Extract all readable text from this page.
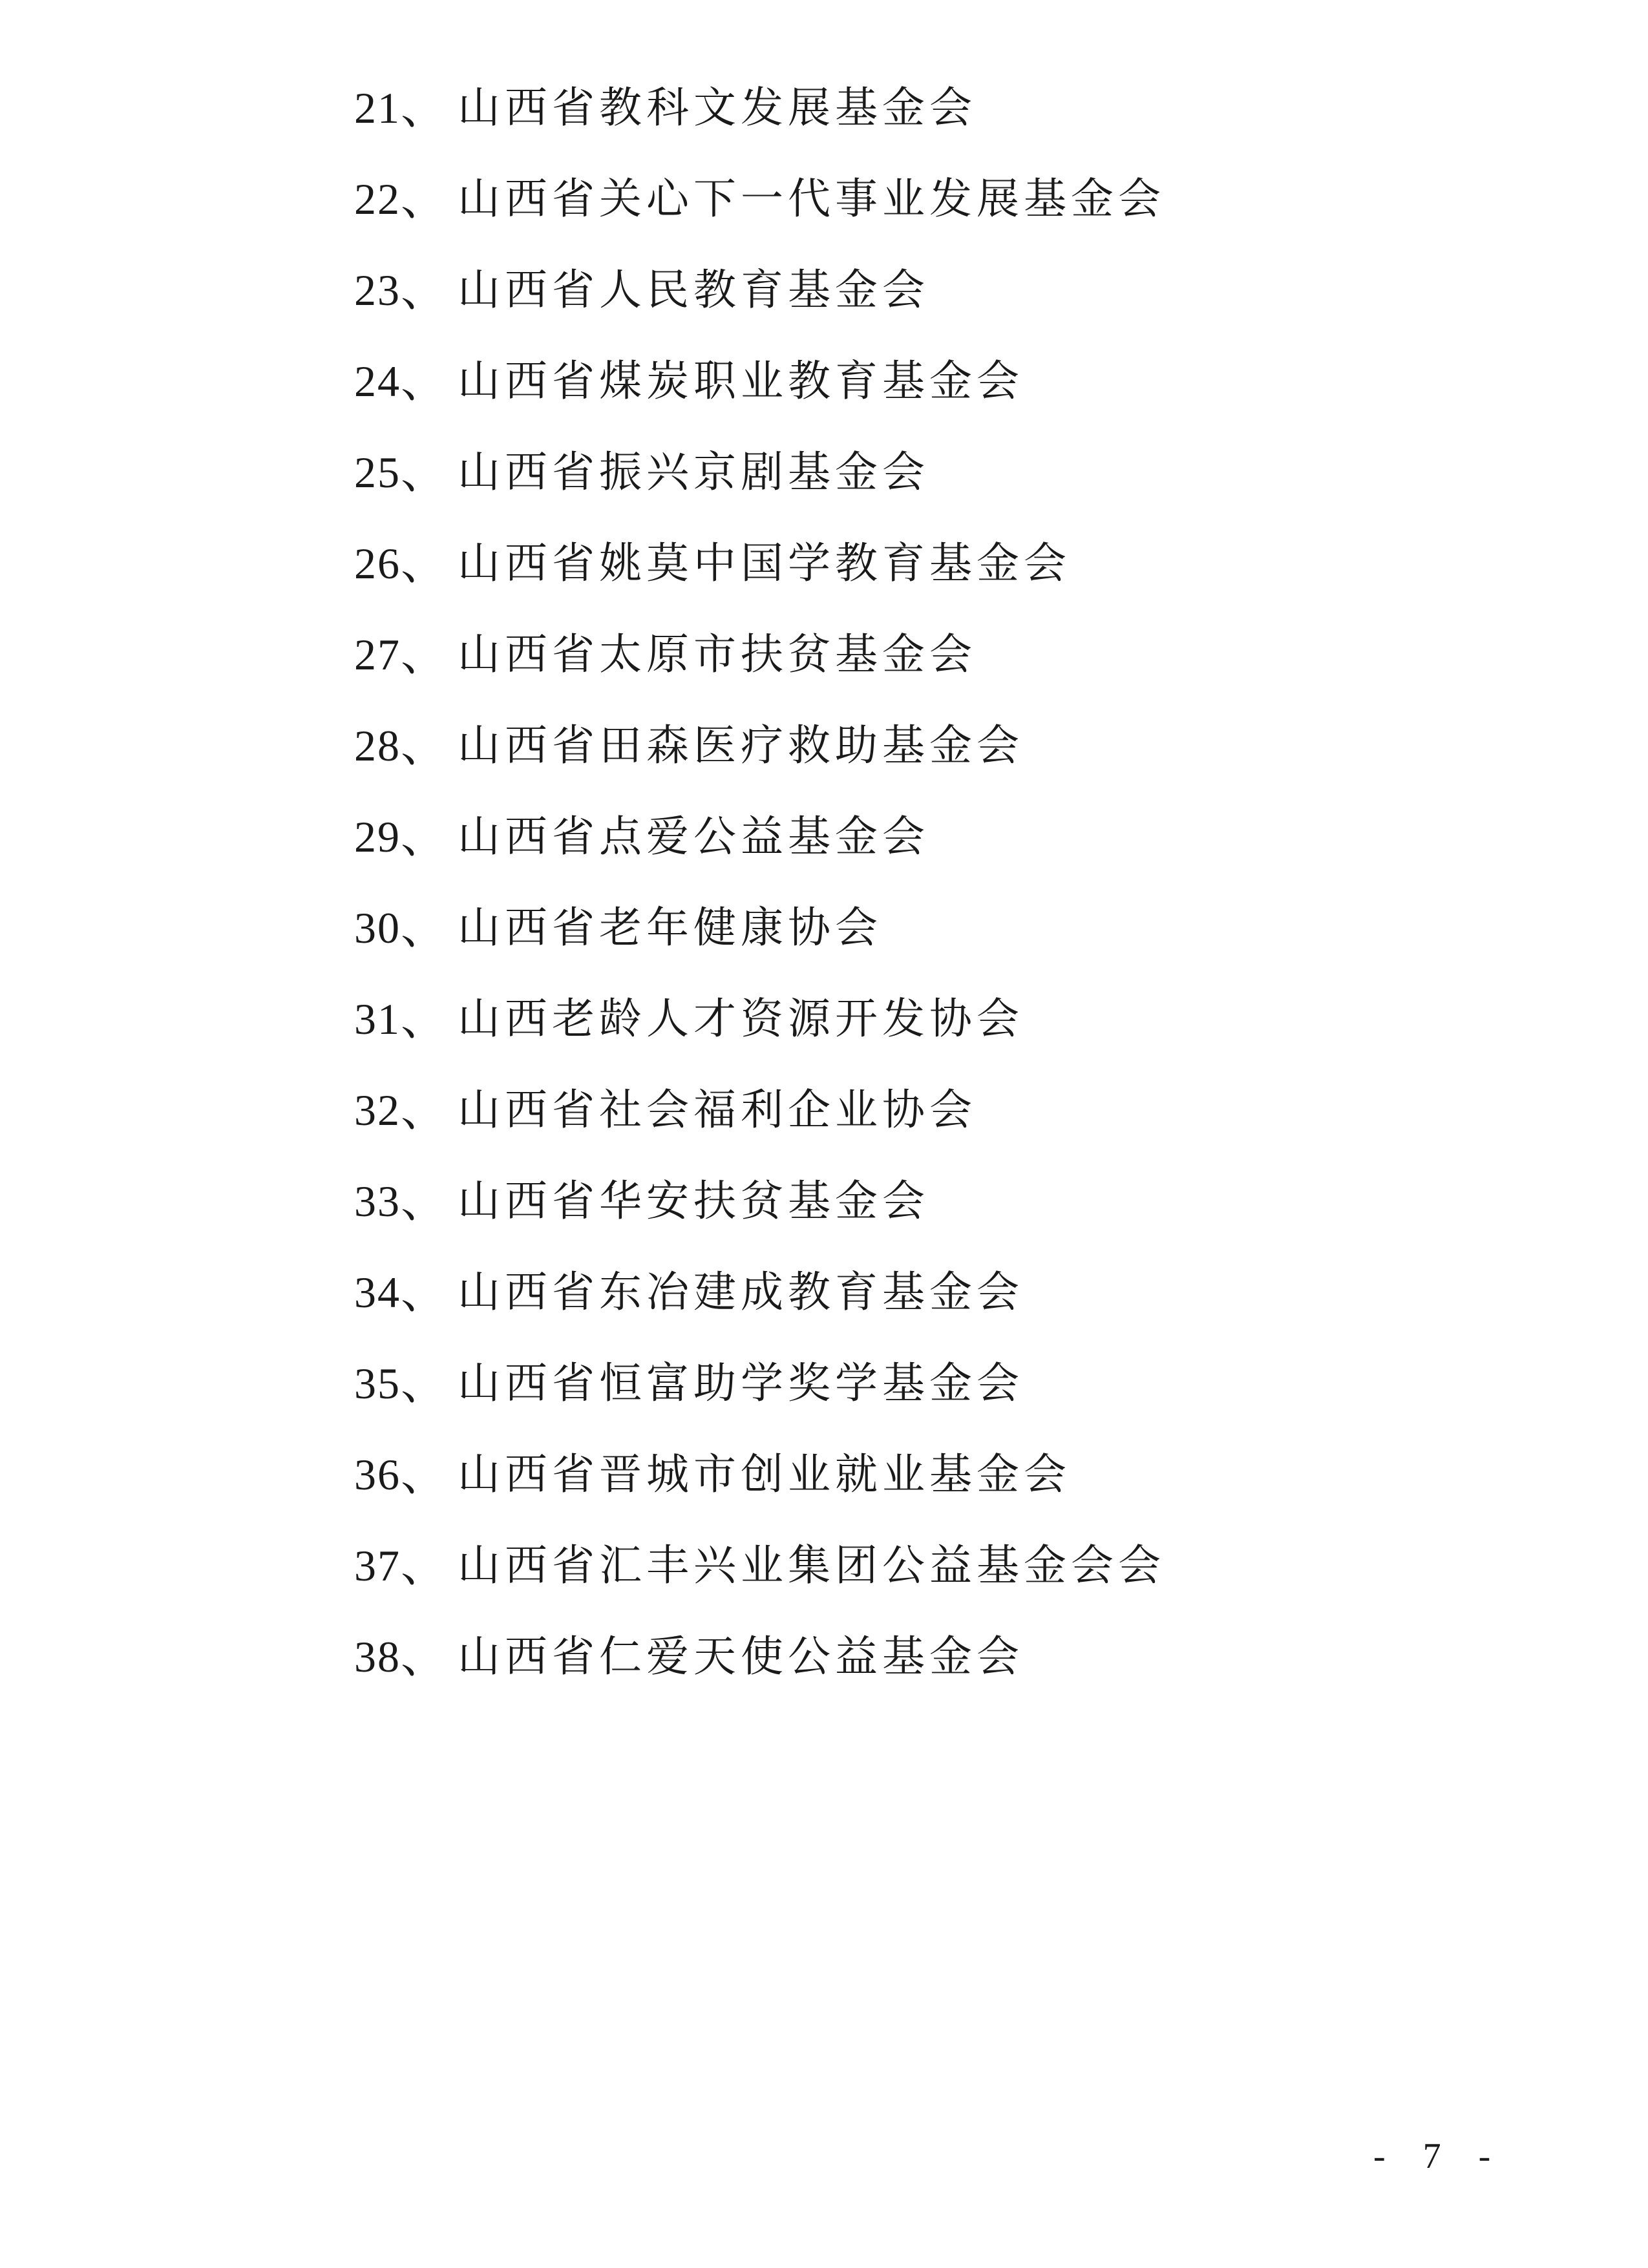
21 、 山西省教科文发展基金会
22 、 山西省关心下一代事业发展基金会
23 、 山西省人民教育基金会
24 、 山西省煤炭职业教育基金会
25 、 山西省振兴京剧基金会
26 、 山西省姚莫中国学教育基金会
27 、 山西省太原市扶贫基金会
28 、 山西省田森医疗救助基金会
29 、 山西省点爱公益基金会
30 、 山西省老年健康协会
31 、 山西老龄人才资源开发协会
32 、 山西省社会福利企业协会
33 、 山西省华安扶贫基金会
34 、 山西省东冶建成教育基金会
35 、 山西省恒富助学奖学基金会
36 、 山西省晋城市创业就业基金会
37 、 山西省汇丰兴业集团公益基金会会
38 、 山西省仁爱天使公益基金会
- 7 -
